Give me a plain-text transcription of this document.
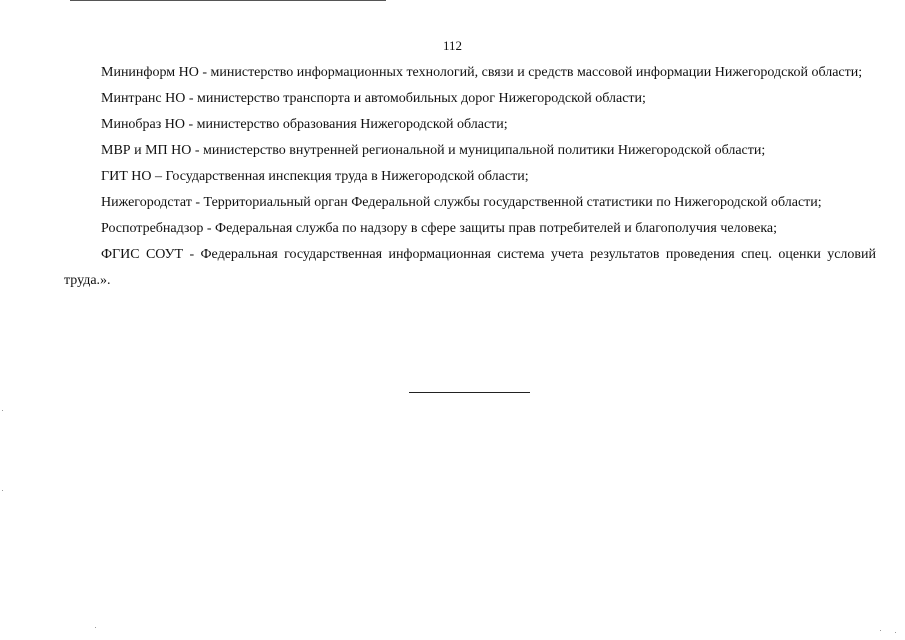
112

Мининформ НО - министерство информационных технологий, связи и средств массовой информации Нижегородской области;

Минтранс НО - министерство транспорта и автомобильных дорог Нижегородской области;

Минобраз НО - министерство образования Нижегородской области;

МВР и МП НО - министерство внутренней региональной и муниципальной политики Нижегородской области;

ГИТ НО – Государственная инспекция труда в Нижегородской области;

Нижегородстат - Территориальный орган Федеральной службы государственной статистики по Нижегородской области;

Роспотребнадзор - Федеральная служба по надзору в сфере защиты прав потребителей и благополучия человека;

ФГИС СОУТ - Федеральная государственная информационная система учета результатов проведения спец. оценки условий труда.».
